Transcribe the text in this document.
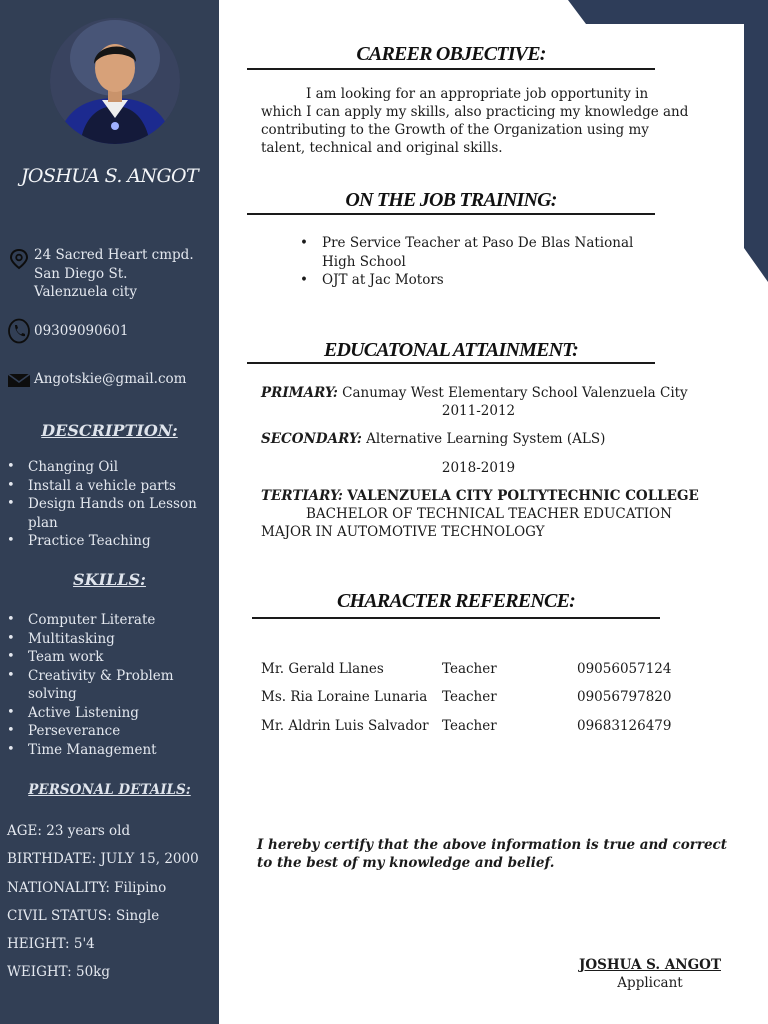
JOSHUA S. ANGOT
24 Sacred Heart cmpd.
San Diego St.
Valenzuela city
09309090601
Angotskie@gmail.com
DESCRIPTION:
• Changing Oil
• Install a vehicle parts
• Design Hands on Lesson plan
• Practice Teaching
SKILLS:
• Computer Literate
• Multitasking
• Team work
• Creativity & Problem solving
• Active Listening
• Perseverance
• Time Management
PERSONAL DETAILS:
AGE: 23 years old
BIRTHDATE: JULY 15, 2000
NATIONALITY: Filipino
CIVIL STATUS: Single
HEIGHT: 5'4
WEIGHT: 50kg
CAREER OBJECTIVE:
I am looking for an appropriate job opportunity in which I can apply my skills, also practicing my knowledge and contributing to the Growth of the Organization using my talent, technical and original skills.
ON THE JOB TRAINING:
• Pre Service Teacher at Paso De Blas National High School
• OJT at Jac Motors
EDUCATONAL ATTAINMENT:
PRIMARY: Canumay West Elementary School Valenzuela City
2011-2012
SECONDARY: Alternative Learning System (ALS)
2018-2019
TERTIARY: VALENZUELA CITY POLTYTECHNIC COLLEGE
BACHELOR OF TECHNICAL TEACHER EDUCATION
MAJOR IN AUTOMOTIVE TECHNOLOGY
CHARACTER REFERENCE:
Mr. Gerald Llanes	Teacher	09056057124
Ms. Ria Loraine Lunaria Teacher	09056797820
Mr. Aldrin Luis Salvador Teacher	09683126479
I hereby certify that the above information is true and correct to the best of my knowledge and belief.
JOSHUA S. ANGOT
Applicant
